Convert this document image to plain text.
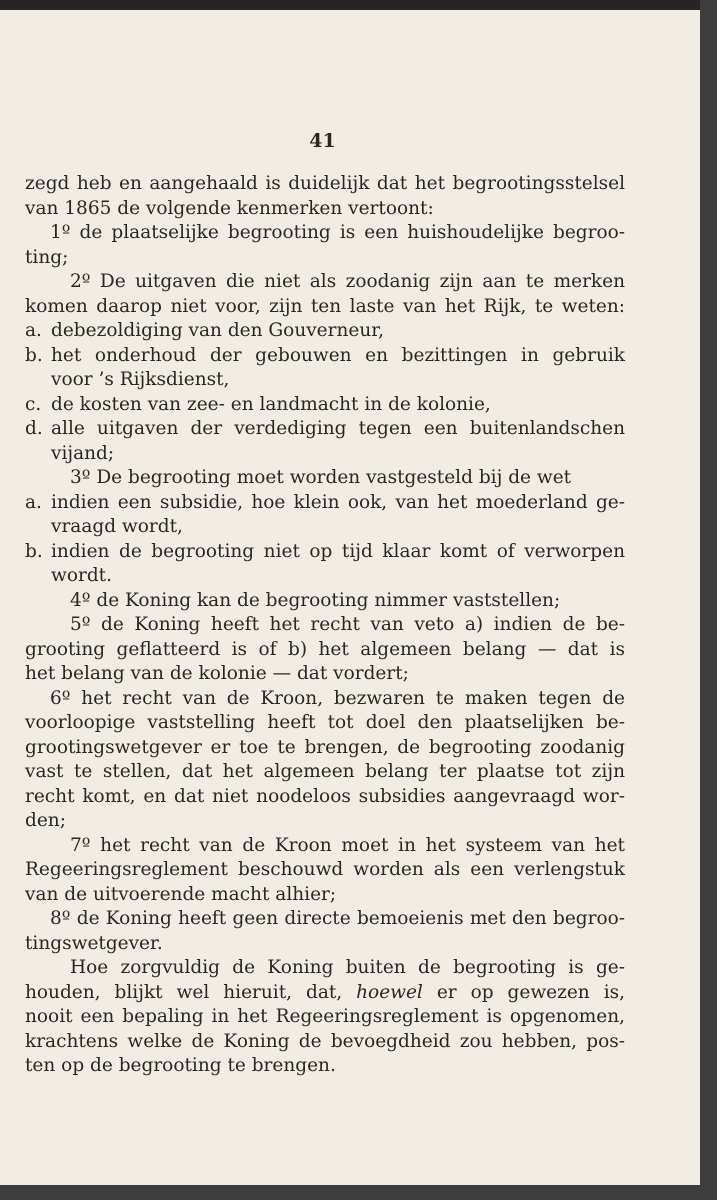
41
zegd heb en aangehaald is duidelijk dat het begrootingsstelsel
van 1865 de volgende kenmerken vertoont:
1º de plaatselijke begrooting is een huishoudelijke begroo-
ting;
2º De uitgaven die niet als zoodanig zijn aan te merken
komen daarop niet voor, zijn ten laste van het Rijk, te weten:
a. debezoldiging van den Gouverneur,
b. het onderhoud der gebouwen en bezittingen in gebruik
voor ’s Rijksdienst,
c. de kosten van zee- en landmacht in de kolonie,
d. alle uitgaven der verdediging tegen een buitenlandschen
vijand;
3º De begrooting moet worden vastgesteld bij de wet
a. indien een subsidie, hoe klein ook, van het moederland ge-
vraagd wordt,
b. indien de begrooting niet op tijd klaar komt of verworpen
wordt.
4º de Koning kan de begrooting nimmer vaststellen;
5º de Koning heeft het recht van veto a) indien de be-
grooting geflatteerd is of b) het algemeen belang — dat is
het belang van de kolonie — dat vordert;
6º het recht van de Kroon, bezwaren te maken tegen de
voorloopige vaststelling heeft tot doel den plaatselijken be-
grootingswetgever er toe te brengen, de begrooting zoodanig
vast te stellen, dat het algemeen belang ter plaatse tot zijn
recht komt, en dat niet noodeloos subsidies aangevraagd wor-
den;
7º het recht van de Kroon moet in het systeem van het
Regeeringsreglement beschouwd worden als een verlengstuk
van de uitvoerende macht alhier;
8º de Koning heeft geen directe bemoeienis met den begroo-
tingswetgever.
Hoe zorgvuldig de Koning buiten de begrooting is ge-
houden, blijkt wel hieruit, dat, hoewel er op gewezen is,
nooit een bepaling in het Regeeringsreglement is opgenomen,
krachtens welke de Koning de bevoegdheid zou hebben, pos-
ten op de begrooting te brengen.
